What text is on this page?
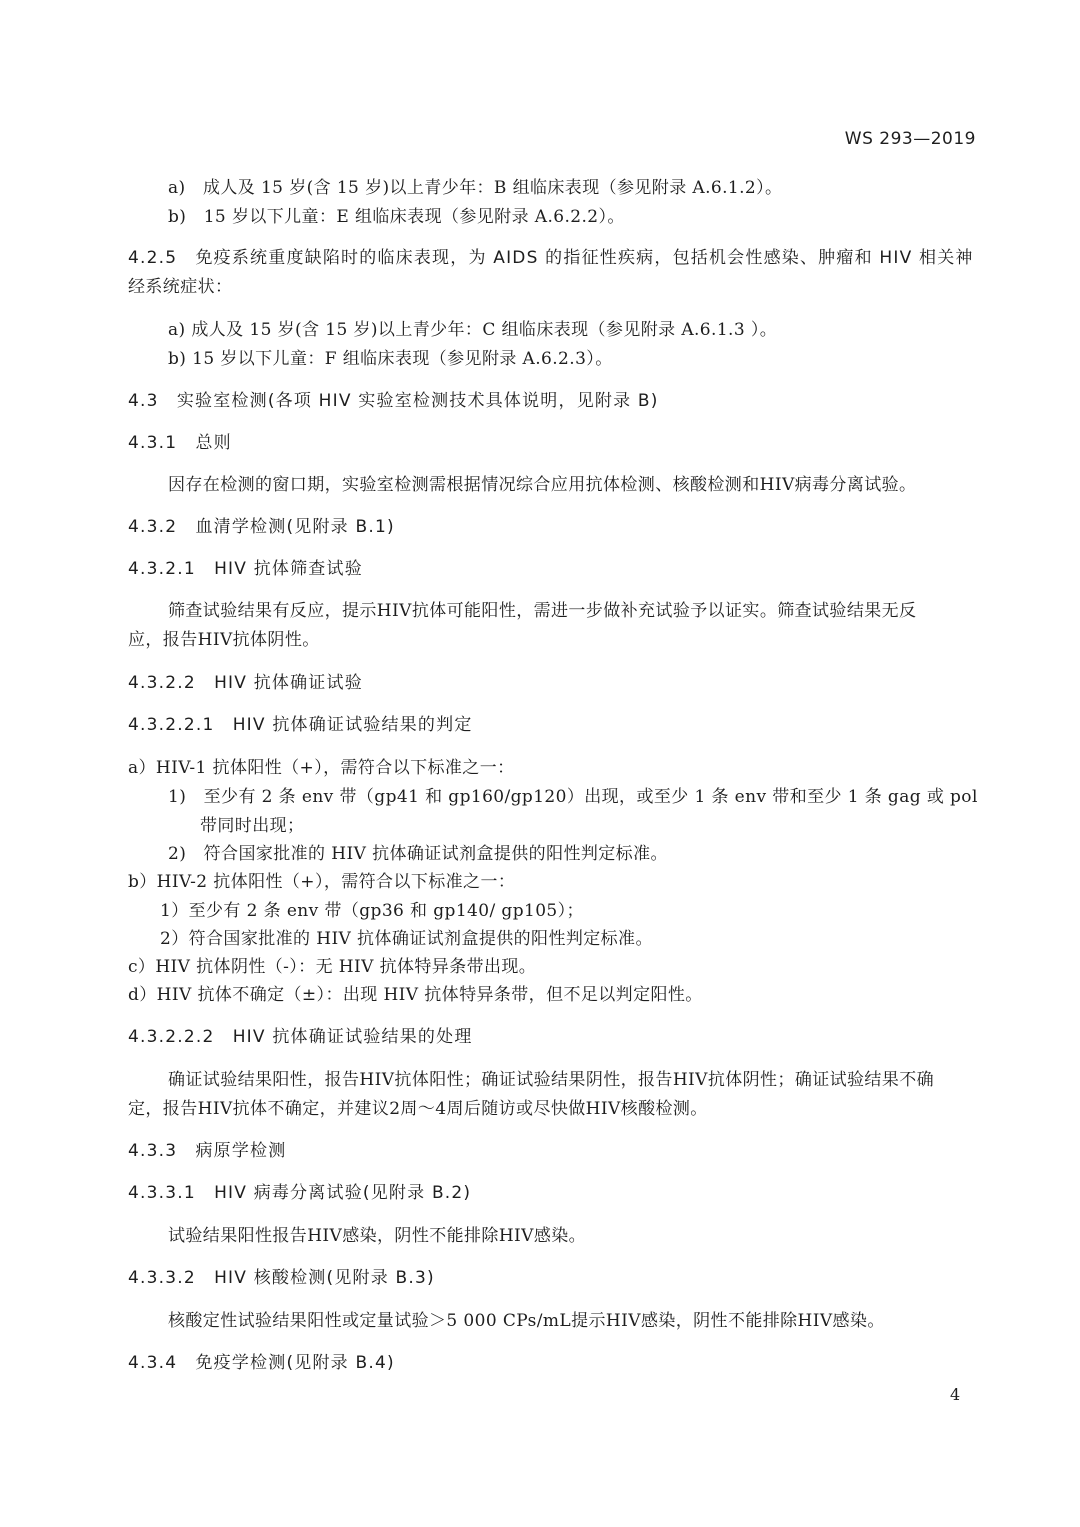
WS 293—2019
a)　成人及 15 岁(含 15 岁)以上青少年：B 组临床表现（参见附录 A.6.1.2）。
b)　15 岁以下儿童：E 组临床表现（参见附录 A.6.2.2）。
4.2.5　免疫系统重度缺陷时的临床表现，为 AIDS 的指征性疾病，包括机会性感染、肿瘤和 HIV 相关神
经系统症状：
a) 成人及 15 岁(含 15 岁)以上青少年：C 组临床表现（参见附录 A.6.1.3 ）。
b) 15 岁以下儿童：F 组临床表现（参见附录 A.6.2.3）。
4.3　实验室检测(各项 HIV 实验室检测技术具体说明，见附录 B)
4.3.1　总则
因存在检测的窗口期，实验室检测需根据情况综合应用抗体检测、核酸检测和HIV病毒分离试验。
4.3.2　血清学检测(见附录 B.1)
4.3.2.1　HIV 抗体筛查试验
筛查试验结果有反应，提示HIV抗体可能阳性，需进一步做补充试验予以证实。筛查试验结果无反
应，报告HIV抗体阴性。
4.3.2.2　HIV 抗体确证试验
4.3.2.2.1　HIV 抗体确证试验结果的判定
a）HIV-1 抗体阳性（+），需符合以下标准之一：
1)　至少有 2 条 env 带（gp41 和 gp160/gp120）出现，或至少 1 条 env 带和至少 1 条 gag 或 pol
带同时出现；
2)　符合国家批准的 HIV 抗体确证试剂盒提供的阳性判定标准。
b）HIV-2 抗体阳性（+），需符合以下标准之一：
1）至少有 2 条 env 带（gp36 和 gp140/ gp105）；
2）符合国家批准的 HIV 抗体确证试剂盒提供的阳性判定标准。
c）HIV 抗体阴性（-）：无 HIV 抗体特异条带出现。
d）HIV 抗体不确定（±）：出现 HIV 抗体特异条带，但不足以判定阳性。
4.3.2.2.2　HIV 抗体确证试验结果的处理
确证试验结果阳性，报告HIV抗体阳性；确证试验结果阴性，报告HIV抗体阴性；确证试验结果不确
定，报告HIV抗体不确定，并建议2周～4周后随访或尽快做HIV核酸检测。
4.3.3　病原学检测
4.3.3.1　HIV 病毒分离试验(见附录 B.2)
试验结果阳性报告HIV感染，阴性不能排除HIV感染。
4.3.3.2　HIV 核酸检测(见附录 B.3)
核酸定性试验结果阳性或定量试验＞5 000 CPs/mL提示HIV感染，阴性不能排除HIV感染。
4.3.4　免疫学检测(见附录 B.4)
4
